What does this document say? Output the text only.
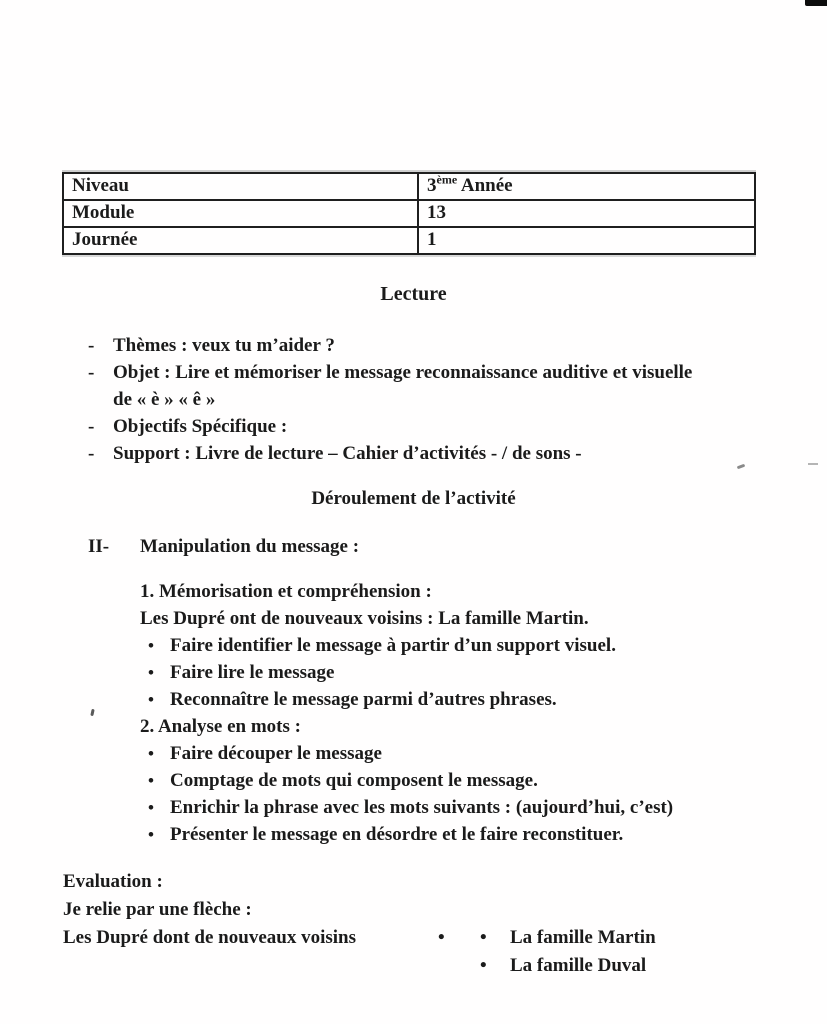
Niveau	3ème Année
Module	13
Journée	1
Lecture
- Thèmes : veux tu m’aider ?
- Objet : Lire et mémoriser le message reconnaissance auditive et visuelle de « è » « ê »
- Objectifs Spécifique :
- Support : Livre de lecture – Cahier d’activités - / de sons -
Déroulement de l’activité
II-	Manipulation du message :
1. Mémorisation et compréhension :
Les Dupré ont de nouveaux voisins : La famille Martin.
• Faire identifier le message à partir d’un support visuel.
• Faire lire le message
• Reconnaître le message parmi d’autres phrases.
2. Analyse en mots :
• Faire découper le message
• Comptage de mots qui composent le message.
• Enrichir la phrase avec les mots suivants : (aujourd’hui, c’est)
• Présenter le message en désordre et le faire reconstituer.
Evaluation :
Je relie par une flèche :
Les Dupré dont de nouveaux voisins	•	•	La famille Martin
•	La famille Duval
